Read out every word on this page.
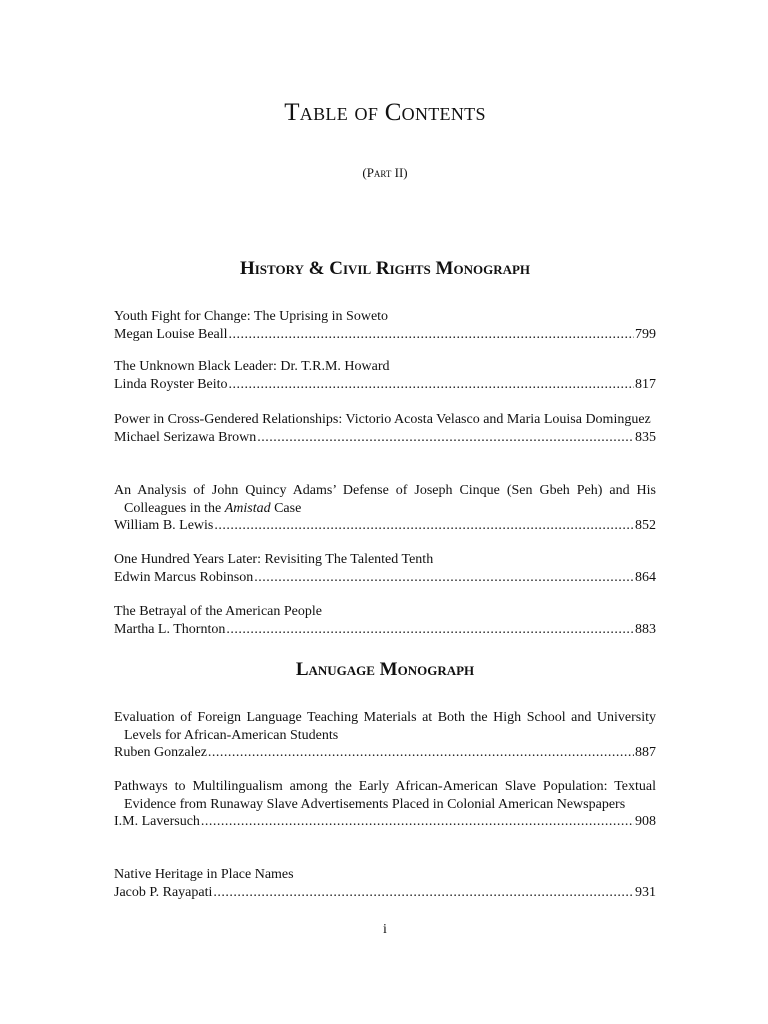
Table of Contents
(Part II)
History & Civil Rights Monograph
Youth Fight for Change: The Uprising in Soweto
Megan Louise Beall .....	799
The Unknown Black Leader: Dr. T.R.M. Howard
Linda Royster Beito .....	817
Power in Cross-Gendered Relationships: Victorio Acosta Velasco and Maria Louisa Dominguez
Michael Serizawa Brown .....	835
An Analysis of John Quincy Adams’ Defense of Joseph Cinque (Sen Gbeh Peh) and His Colleagues in the Amistad Case
William B. Lewis .....	852
One Hundred Years Later: Revisiting The Talented Tenth
Edwin Marcus Robinson .....	864
The Betrayal of the American People
Martha L. Thornton .....	883
Lanugage Monograph
Evaluation of Foreign Language Teaching Materials at Both the High School and University Levels for African-American Students
Ruben Gonzalez .....	887
Pathways to Multilingualism among the Early African-American Slave Population: Textual Evidence from Runaway Slave Advertisements Placed in Colonial American Newspapers
I.M. Laversuch .....	908
Native Heritage in Place Names
Jacob P. Rayapati .....	931
i
